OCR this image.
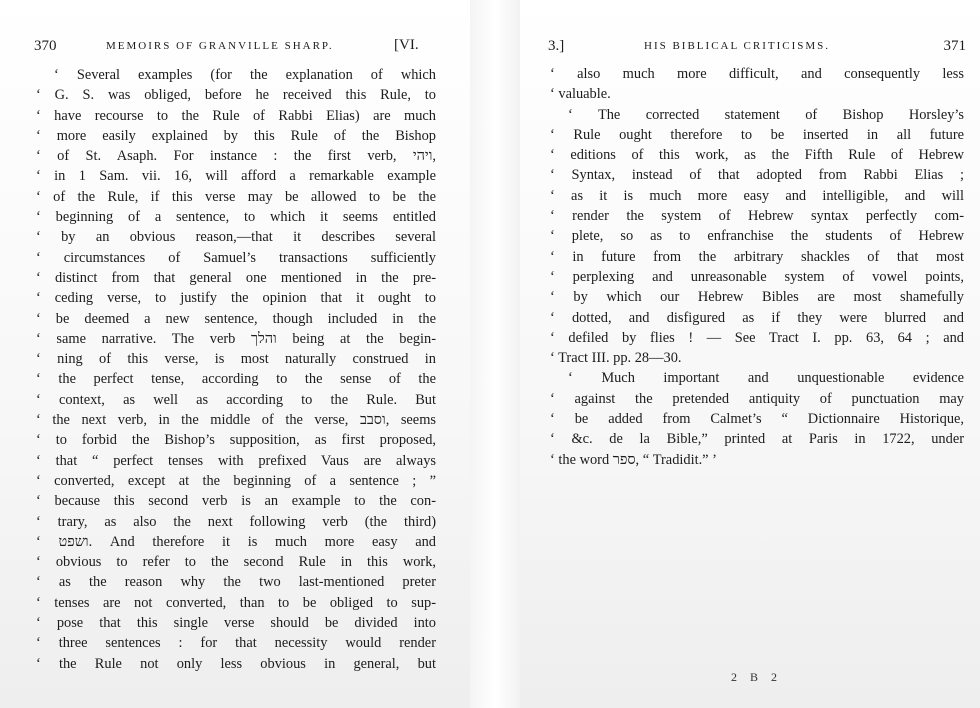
370	MEMOIRS OF GRANVILLE SHARP.	[VI.
‘ Several examples (for the explanation of which
‘ G. S. was obliged, before he received this Rule, to
‘ have recourse to the Rule of Rabbi Elias) are much
‘ more easily explained by this Rule of the Bishop
‘ of St. Asaph. For instance : the first verb, ויהי,
‘ in 1 Sam. vii. 16, will afford a remarkable example
‘ of the Rule, if this verse may be allowed to be the
‘ beginning of a sentence, to which it seems entitled
‘ by an obvious reason,—that it describes several
‘ circumstances of Samuel’s transactions sufficiently
‘ distinct from that general one mentioned in the pre-
‘ ceding verse, to justify the opinion that it ought to
‘ be deemed a new sentence, though included in the
‘ same narrative. The verb והלך being at the begin-
‘ ning of this verse, is most naturally construed in
‘ the perfect tense, according to the sense of the
‘ context, as well as according to the Rule. But
‘ the next verb, in the middle of the verse, וסבב, seems
‘ to forbid the Bishop’s supposition, as first proposed,
‘ that “ perfect tenses with prefixed Vaus are always
‘ converted, except at the beginning of a sentence ; ”
‘ because this second verb is an example to the con-
‘ trary, as also the next following verb (the third)
‘ ושפט. And therefore it is much more easy and
‘ obvious to refer to the second Rule in this work,
‘ as the reason why the two last-mentioned preter
‘ tenses are not converted, than to be obliged to sup-
‘ pose that this single verse should be divided into
‘ three sentences : for that necessity would render
‘ the Rule not only less obvious in general, but
3.]	HIS BIBLICAL CRITICISMS.	371
‘ also much more difficult, and consequently less
‘ valuable.
‘ The corrected statement of Bishop Horsley’s
‘ Rule ought therefore to be inserted in all future
‘ editions of this work, as the Fifth Rule of Hebrew
‘ Syntax, instead of that adopted from Rabbi Elias ;
‘ as it is much more easy and intelligible, and will
‘ render the system of Hebrew syntax perfectly com-
‘ plete, so as to enfranchise the students of Hebrew
‘ in future from the arbitrary shackles of that most
‘ perplexing and unreasonable system of vowel points,
‘ by which our Hebrew Bibles are most shamefully
‘ dotted, and disfigured as if they were blurred and
‘ defiled by flies ! — See Tract I. pp. 63, 64 ; and
‘ Tract III. pp. 28—30.
‘ Much important and unquestionable evidence
‘ against the pretended antiquity of punctuation may
‘ be added from Calmet’s “ Dictionnaire Historique,
‘ &c. de la Bible,” printed at Paris in 1722, under
‘ the word ספר, “ Tradidit.” ’
2 B 2
